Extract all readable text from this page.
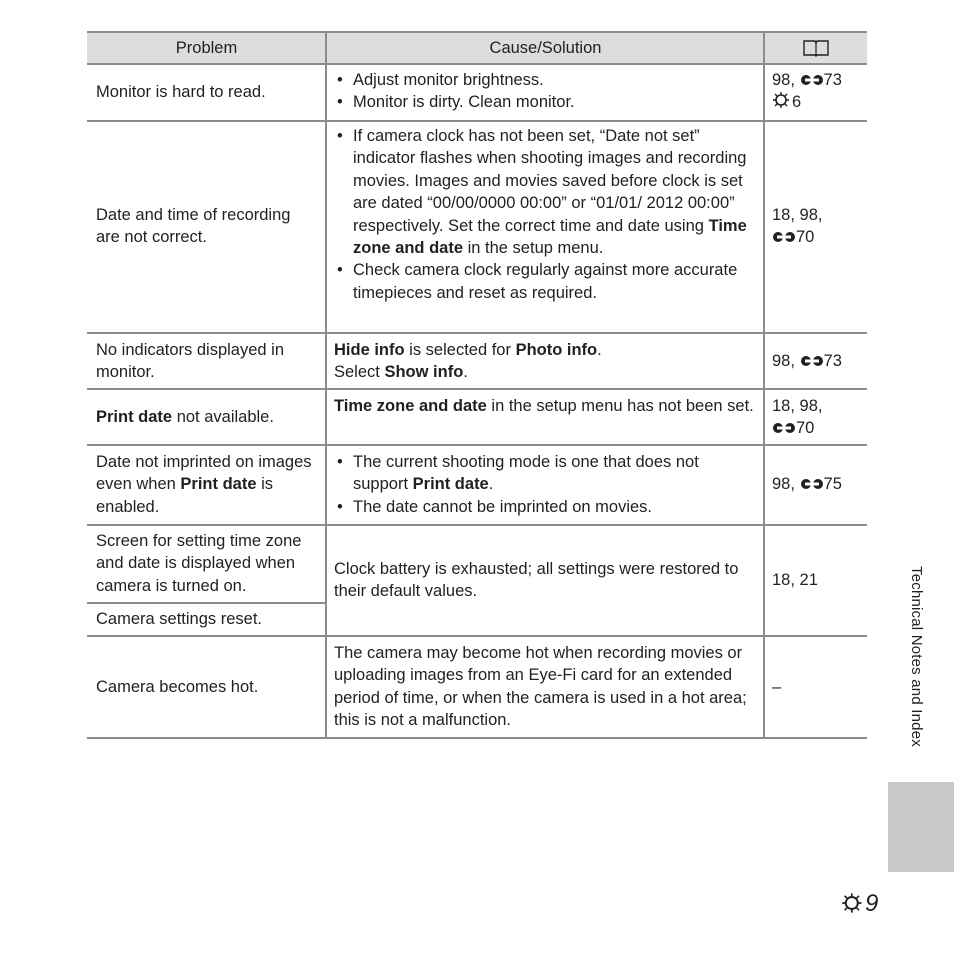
Problem	Cause/Solution
Monitor is hard to read.
• Adjust monitor brightness.
• Monitor is dirty. Clean monitor.
98, 73
6
Date and time of recording are not correct.
• If camera clock has not been set, “Date not set” indicator flashes when shooting images and recording movies. Images and movies saved before clock is set are dated “00/00/0000 00:00” or “01/01/ 2012 00:00” respectively. Set the correct time and date using Time zone and date in the setup menu.
• Check camera clock regularly against more accurate timepieces and reset as required.
18, 98,
70
No indicators displayed in monitor.
Hide info is selected for Photo info.
Select Show info.
98, 73
Print date not available.
Time zone and date in the setup menu has not been set. 18, 98,
70
Date not imprinted on images even when Print date is enabled.
• The current shooting mode is one that does not support Print date.
• The date cannot be imprinted on movies.
98, 75
Screen for setting time zone and date is displayed when camera is turned on.
Camera settings reset.
Clock battery is exhausted; all settings were restored to their default values.
18, 21
Camera becomes hot.
The camera may become hot when recording movies or uploading images from an Eye-Fi card for an extended period of time, or when the camera is used in a hot area; this is not a malfunction.
–	Technical Notes and Index
9
